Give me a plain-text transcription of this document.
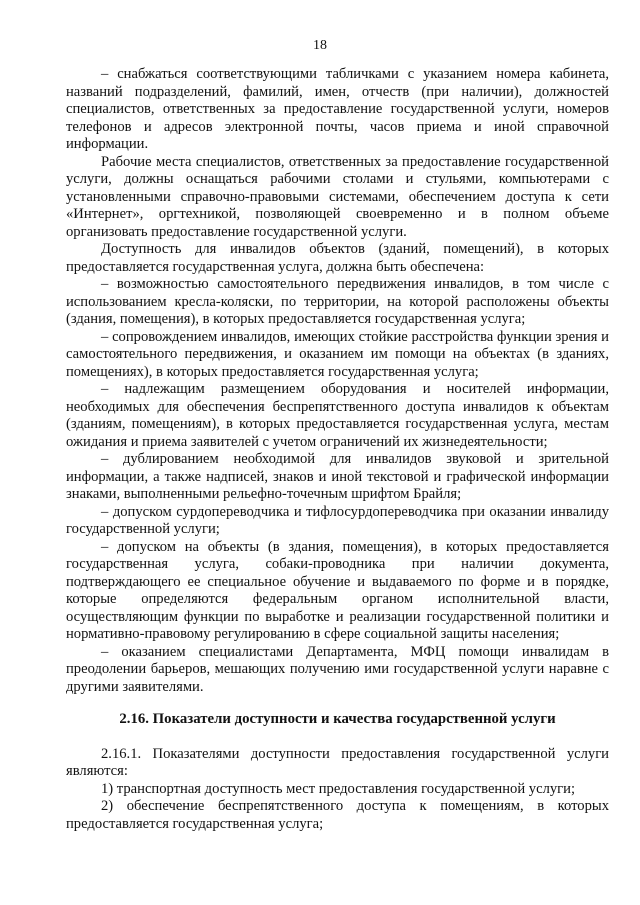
18

– снабжаться соответствующими табличками с указанием номера кабинета, названий подразделений, фамилий, имен, отчеств (при наличии), должностей специалистов, ответственных за предоставление государственной услуги, номеров телефонов и адресов электронной почты, часов приема и иной справочной информации.

Рабочие места специалистов, ответственных за предоставление государственной услуги, должны оснащаться рабочими столами и стульями, компьютерами с установленными справочно-правовыми системами, обеспечением доступа к сети «Интернет», оргтехникой, позволяющей своевременно и в полном объеме организовать предоставление государственной услуги.

Доступность для инвалидов объектов (зданий, помещений), в которых предоставляется государственная услуга, должна быть обеспечена:

– возможностью самостоятельного передвижения инвалидов, в том числе с использованием кресла-коляски, по территории, на которой расположены объекты (здания, помещения), в которых предоставляется государственная услуга;

– сопровождением инвалидов, имеющих стойкие расстройства функции зрения и самостоятельного передвижения, и оказанием им помощи на объектах (в зданиях, помещениях), в которых предоставляется государственная услуга;

– надлежащим размещением оборудования и носителей информации, необходимых для обеспечения беспрепятственного доступа инвалидов к объектам (зданиям, помещениям), в которых предоставляется государственная услуга, местам ожидания и приема заявителей с учетом ограничений их жизнедеятельности;

– дублированием необходимой для инвалидов звуковой и зрительной информации, а также надписей, знаков и иной текстовой и графической информации знаками, выполненными рельефно-точечным шрифтом Брайля;

– допуском сурдопереводчика и тифлосурдопереводчика при оказании инвалиду государственной услуги;

– допуском на объекты (в здания, помещения), в которых предоставляется государственная услуга, собаки-проводника при наличии документа, подтверждающего ее специальное обучение и выдаваемого по форме и в порядке, которые определяются федеральным органом исполнительной власти, осуществляющим функции по выработке и реализации государственной политики и нормативно-правовому регулированию в сфере социальной защиты населения;

– оказанием специалистами Департамента, МФЦ помощи инвалидам в преодолении барьеров, мешающих получению ими государственной услуги наравне с другими заявителями.

2.16. Показатели доступности и качества государственной услуги

2.16.1. Показателями доступности предоставления государственной услуги являются:

1) транспортная доступность мест предоставления государственной услуги;

2) обеспечение беспрепятственного доступа к помещениям, в которых предоставляется государственная услуга;
